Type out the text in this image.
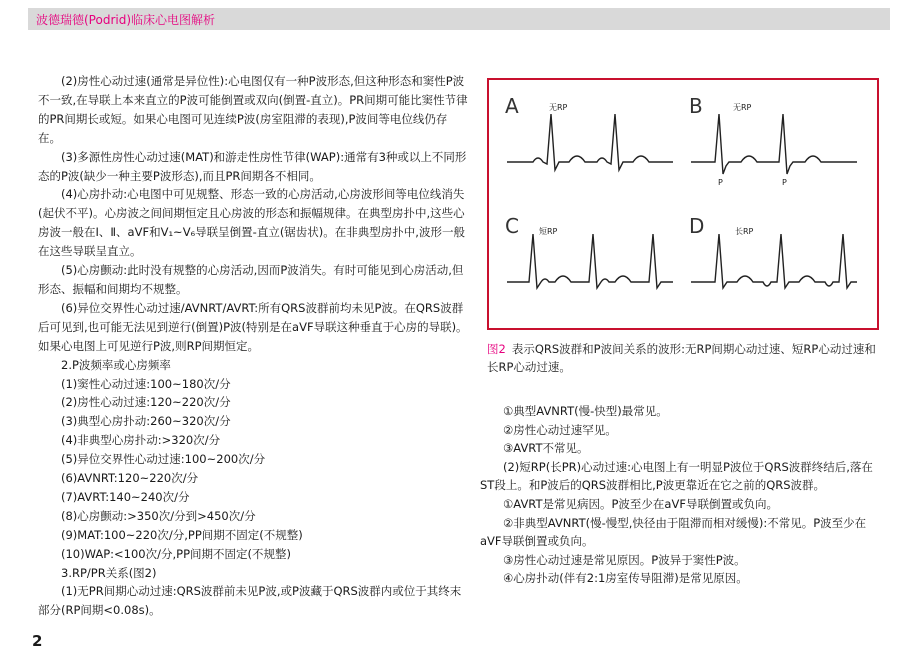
波德瑞德(Podrid)临床心电图解析

(2)房性心动过速(通常是异位性):心电图仅有一种P波形态,但这种形态和窦性P波不一致,在导联上本来直立的P波可能倒置或双向(倒置-直立)。PR间期可能比窦性节律的PR间期长或短。如果心电图可见连续P波(房室阻滞的表现),P波间等电位线仍存在。

(3)多源性房性心动过速(MAT)和游走性房性节律(WAP):通常有3种或以上不同形态的P波(缺少一种主要P波形态),而且PR间期各不相同。

(4)心房扑动:心电图中可见规整、形态一致的心房活动,心房波形间等电位线消失(起伏不平)。心房波之间间期恒定且心房波的形态和振幅规律。在典型房扑中,这些心房波一般在Ⅰ、Ⅱ、aVF和V₁~V₆导联呈倒置-直立(锯齿状)。在非典型房扑中,波形一般在这些导联呈直立。

(5)心房颤动:此时没有规整的心房活动,因而P波消失。有时可能见到心房活动,但形态、振幅和间期均不规整。

(6)异位交界性心动过速/AVNRT/AVRT:所有QRS波群前均未见P波。在QRS波群后可见到,也可能无法见到逆行(倒置)P波(特别是在aVF导联这种垂直于心房的导联)。如果心电图上可见逆行P波,则RP间期恒定。

2.P波频率或心房频率

(1)窦性心动过速:100~180次/分

(2)房性心动过速:120~220次/分

(3)典型心房扑动:260~320次/分

(4)非典型心房扑动:>320次/分

(5)异位交界性心动过速:100~200次/分

(6)AVNRT:120~220次/分

(7)AVRT:140~240次/分

(8)心房颤动:>350次/分到>450次/分

(9)MAT:100~220次/分,PP间期不固定(不规整)

(10)WAP:<100次/分,PP间期不固定(不规整)

3.RP/PR关系(图2)

(1)无PR间期心动过速:QRS波群前未见P波,或P波藏于QRS波群内或位于其终末部分(RP间期<0.08s)。

A	无RP	B	无RP
P	P
C	短RP	D	长RP
图2 表示QRS波群和P波间关系的波形:无RP间期心动过速、短RP心动过速和长RP心动过速。

①典型AVNRT(慢-快型)最常见。

②房性心动过速罕见。

③AVRT不常见。

(2)短RP(长PR)心动过速:心电图上有一明显P波位于QRS波群终结后,落在ST段上。和P波后的QRS波群相比,P波更靠近在它之前的QRS波群。

①AVRT是常见病因。P波至少在aVF导联倒置或负向。

②非典型AVNRT(慢-慢型,快径由于阻滞而相对缓慢):不常见。P波至少在aVF导联倒置或负向。

③房性心动过速是常见原因。P波异于窦性P波。

④心房扑动(伴有2:1房室传导阻滞)是常见原因。

2
